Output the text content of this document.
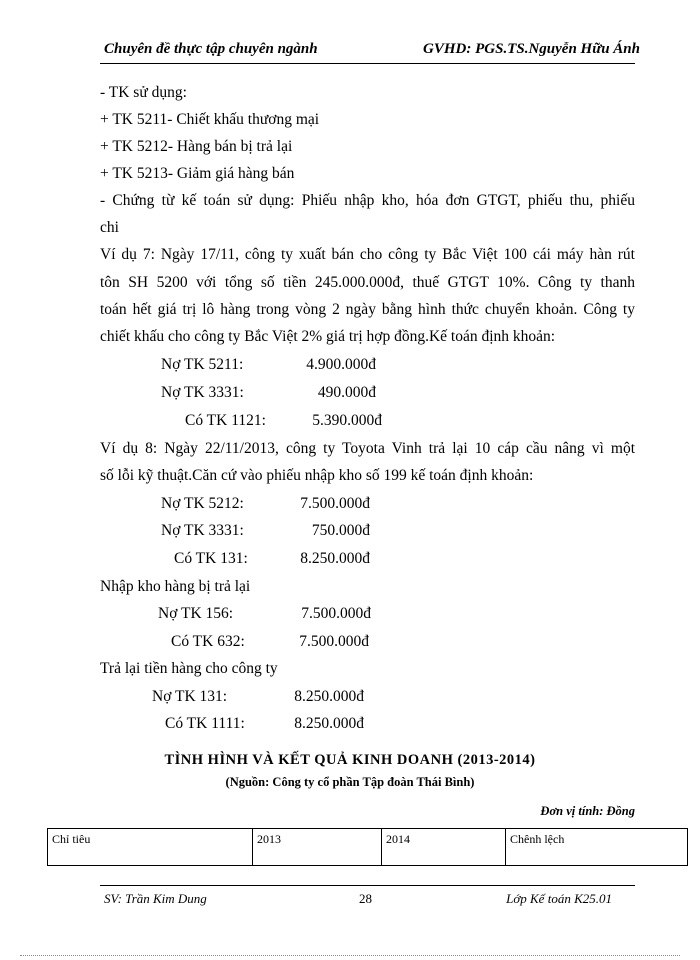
Chuyên đề thực tập chuyên ngành	GVHD: PGS.TS.Nguyễn Hữu Ánh
- TK sử dụng:
+ TK 5211- Chiết khấu thương mại
+ TK 5212- Hàng bán bị trả lại
+ TK 5213- Giảm giá hàng bán
- Chứng từ kế toán sử dụng: Phiếu nhập kho, hóa đơn GTGT, phiếu thu, phiếu
chi
Ví dụ 7: Ngày 17/11, công ty xuất bán cho công ty Bắc Việt 100 cái máy hàn rút
tôn SH 5200 với tổng số tiền 245.000.000đ, thuế GTGT 10%. Công ty thanh
toán hết giá trị lô hàng trong vòng 2 ngày bằng hình thức chuyển khoản. Công ty
chiết khấu cho công ty Bắc Việt 2% giá trị hợp đồng.Kế toán định khoản:
Nợ TK 5211:	4.900.000đ
Nợ TK 3331:	490.000đ
Có TK 1121:	5.390.000đ
Ví dụ 8: Ngày 22/11/2013, công ty Toyota Vinh trả lại 10 cáp cầu nâng vì một
số lỗi kỹ thuật.Căn cứ vào phiếu nhập kho số 199 kế toán định khoản:
Nợ TK 5212:	7.500.000đ
Nợ TK 3331:	750.000đ
Có TK 131:	8.250.000đ
Nhập kho hàng bị trả lại
Nợ TK 156:	7.500.000đ
Có TK 632:	7.500.000đ
Trả lại tiền hàng cho công ty
Nợ TK 131:	8.250.000đ
Có TK 1111:	8.250.000đ
TÌNH HÌNH VÀ KẾT QUẢ KINH DOANH (2013-2014)
(Nguồn: Công ty cổ phần Tập đoàn Thái Bình)
Đơn vị tính: Đồng
Chỉ tiêu	2013	2014	Chênh lệch
SV: Trần Kim Dung	28	Lớp Kế toán K25.01
